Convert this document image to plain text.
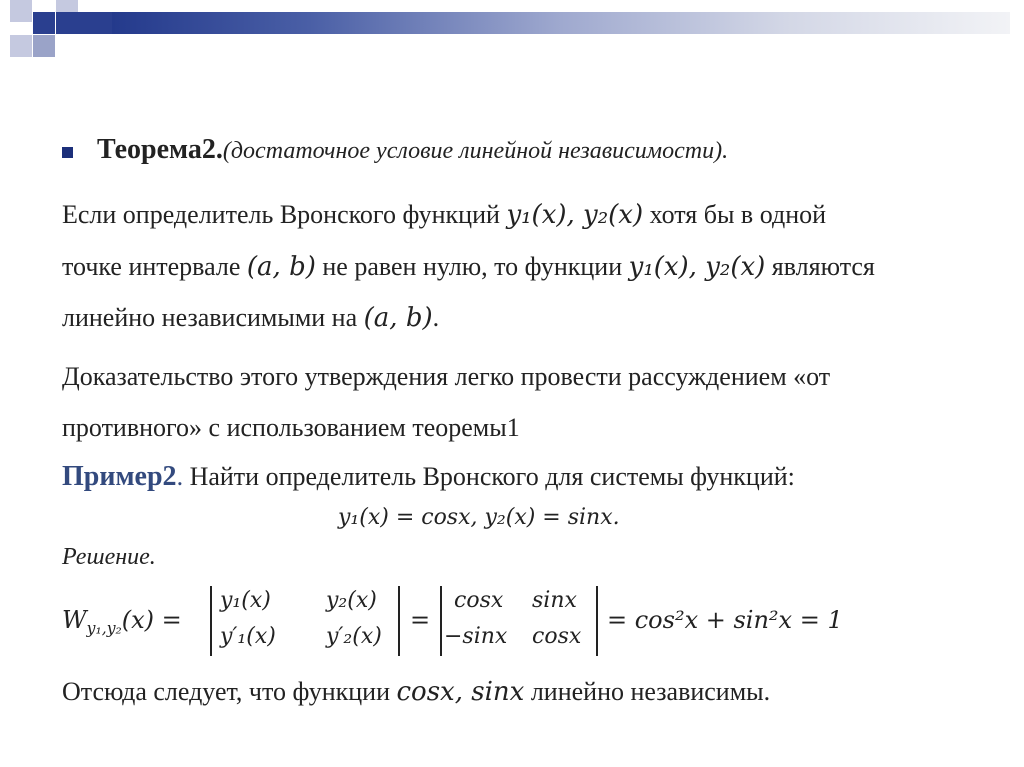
Теорема2.(достаточное условие линейной независимости).
Если определитель Вронского функций y₁(x), y₂(x) хотя бы в одной
точке интервале (a, b) не равен нулю, то функции y₁(x), y₂(x) являются
линейно независимыми на (a, b).
Доказательство этого утверждения легко провести рассуждением «от
противного» с использованием теоремы1
Пример2. Найти определитель Вронского для системы функций:
y₁(x) = cosx, y₂(x) = sinx.
Решение.
$W_{y_1,y_2}(x)$ =
y₁(x)	y₂(x)
y′₁(x) y′₂(x)
=
cosx sinx
−sinx cosx
= cos²x + sin²x = 1
Отсюда следует, что функции cosx, sinx линейно независимы.
